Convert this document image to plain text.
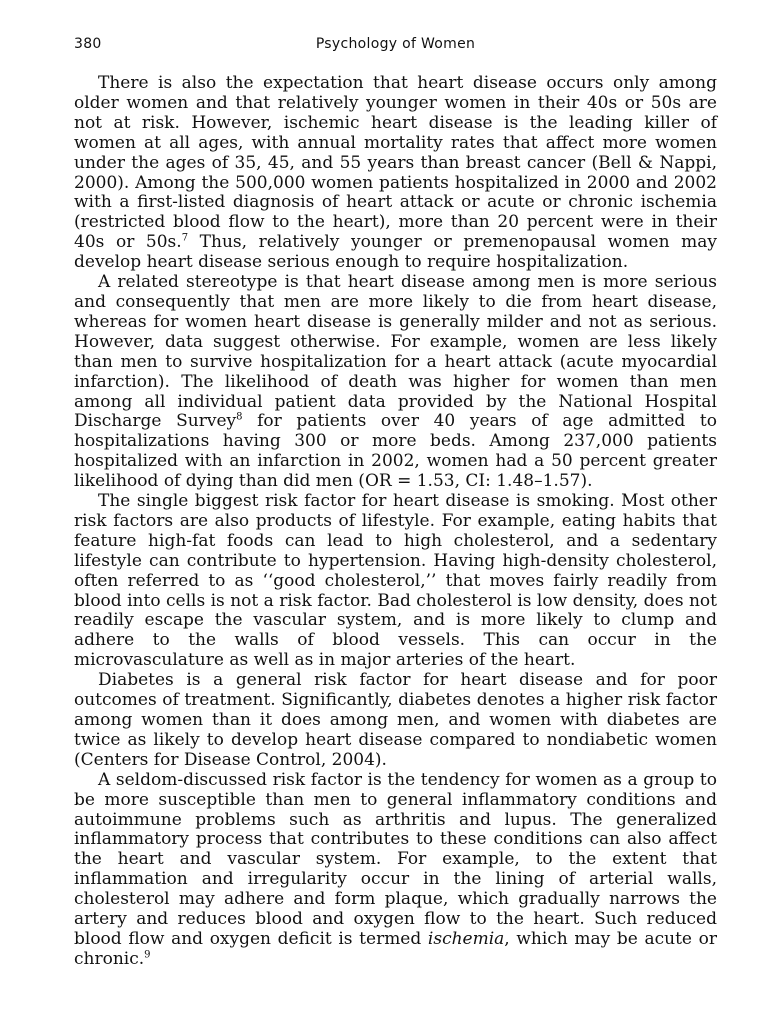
380	Psychology of Women

There is also the expectation that heart disease occurs only among older women and that relatively younger women in their 40s or 50s are not at risk. However, ischemic heart disease is the leading killer of women at all ages, with annual mortality rates that affect more women under the ages of 35, 45, and 55 years than breast cancer (Bell & Nappi, 2000). Among the 500,000 women patients hospitalized in 2000 and 2002 with a first-listed diagnosis of heart attack or acute or chronic ischemia (restricted blood flow to the heart), more than 20 percent were in their 40s or 50s.$^7$ Thus, relatively younger or premenopausal women may develop heart disease serious enough to require hospitalization.

A related stereotype is that heart disease among men is more serious and consequently that men are more likely to die from heart disease, whereas for women heart disease is generally milder and not as serious. However, data suggest otherwise. For example, women are less likely than men to survive hospitalization for a heart attack (acute myocardial infarction). The likelihood of death was higher for women than men among all individual patient data provided by the National Hospital Discharge Survey$^8$ for patients over 40 years of age admitted to hospitalizations having 300 or more beds. Among 237,000 patients hospitalized with an infarction in 2002, women had a 50 percent greater likelihood of dying than did men (OR = 1.53, CI: 1.48–1.57).

The single biggest risk factor for heart disease is smoking. Most other risk factors are also products of lifestyle. For example, eating habits that feature high-fat foods can lead to high cholesterol, and a sedentary lifestyle can contribute to hypertension. Having high-density cholesterol, often referred to as ‘‘good cholesterol,’’ that moves fairly readily from blood into cells is not a risk factor. Bad cholesterol is low density, does not readily escape the vascular system, and is more likely to clump and adhere to the walls of blood vessels. This can occur in the microvasculature as well as in major arteries of the heart.

Diabetes is a general risk factor for heart disease and for poor outcomes of treatment. Significantly, diabetes denotes a higher risk factor among women than it does among men, and women with diabetes are twice as likely to develop heart disease compared to nondiabetic women (Centers for Disease Control, 2004).

A seldom-discussed risk factor is the tendency for women as a group to be more susceptible than men to general inflammatory conditions and autoimmune problems such as arthritis and lupus. The generalized inflammatory process that contributes to these conditions can also affect the heart and vascular system. For example, to the extent that inflammation and irregularity occur in the lining of arterial walls, cholesterol may adhere and form plaque, which gradually narrows the artery and reduces blood and oxygen flow to the heart. Such reduced blood flow and oxygen deficit is termed ischemia, which may be acute or chronic.$^9$
